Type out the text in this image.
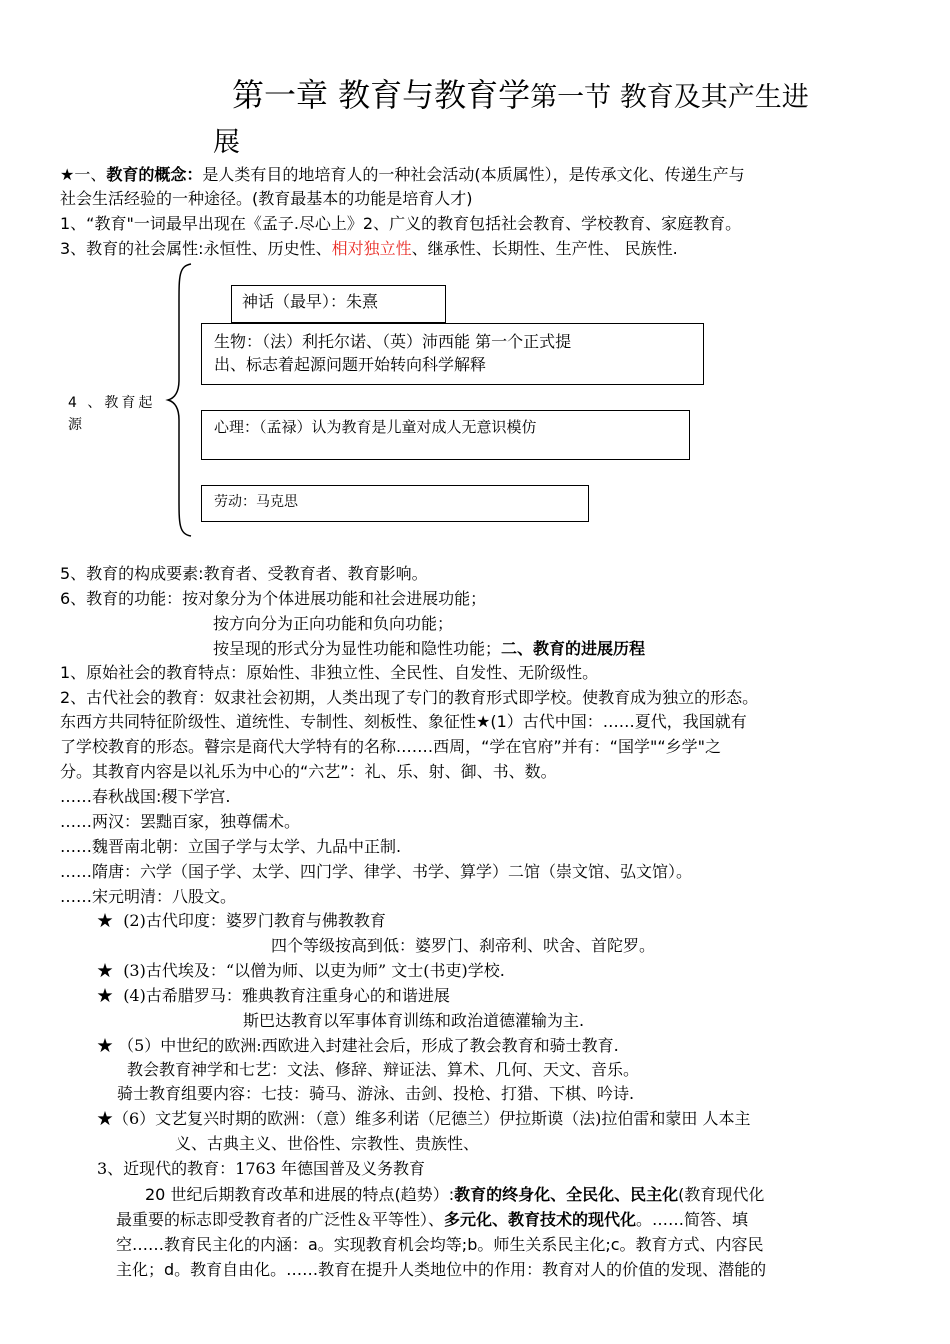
第一章 教育与教育学第一节 教育及其产生进
展
★一、教育的概念：是人类有目的地培育人的一种社会活动(本质属性），是传承文化、传递生产与
社会生活经验的一种途径。(教育最基本的功能是培育人才)
1、“教育"一词最早出现在《孟子.尽心上》2、广义的教育包括社会教育、学校教育、家庭教育。
3、教育的社会属性:永恒性、历史性、相对独立性、继承性、长期性、生产性、 民族性.
4 、教育起源
神话（最早）：朱熹
生物：（法）利托尔诺、（英）沛西能 第一个正式提
出、标志着起源问题开始转向科学解释
心理：（孟禄）认为教育是儿童对成人无意识模仿
劳动：马克思
5、教育的构成要素:教育者、受教育者、教育影响。
6、教育的功能：按对象分为个体进展功能和社会进展功能；
按方向分为正向功能和负向功能；
按呈现的形式分为显性功能和隐性功能；二、教育的进展历程
1、原始社会的教育特点：原始性、非独立性、全民性、自发性、无阶级性。
2、古代社会的教育：奴隶社会初期，人类出现了专门的教育形式即学校。使教育成为独立的形态。
东西方共同特征阶级性、道统性、专制性、刻板性、象征性★(1）古代中国：……夏代，我国就有
了学校教育的形态。瞽宗是商代大学特有的名称.……西周，“学在官府”并有：“国学"“乡学"之
分。其教育内容是以礼乐为中心的“六艺”：礼、乐、射、御、书、数。
……春秋战国:稷下学宫.
……两汉：罢黜百家，独尊儒术。
……魏晋南北朝：立国子学与太学、九品中正制.
……隋唐：六学（国子学、太学、四门学、律学、书学、算学）二馆（崇文馆、弘文馆）。
……宋元明清：八股文。
★ (2)古代印度：婆罗门教育与佛教教育
四个等级按高到低：婆罗门、刹帝利、吠舍、首陀罗。
★ (3)古代埃及：“以僧为师、以吏为师” 文士(书吏)学校.
★ (4)古希腊罗马：雅典教育注重身心的和谐进展
斯巴达教育以军事体育训练和政治道德灌输为主.
★ （5）中世纪的欧洲:西欧进入封建社会后，形成了教会教育和骑士教育.
教会教育神学和七艺：文法、修辞、辩证法、算术、几何、天文、音乐。
骑士教育组要内容：七技：骑马、游泳、击剑、投枪、打猎、下棋、吟诗.
★（6）文艺复兴时期的欧洲：（意）维多利诺（尼德兰）伊拉斯谟（法)拉伯雷和蒙田 人本主
义、古典主义、世俗性、宗教性、贵族性、
3、近现代的教育：1763 年德国普及义务教育
20 世纪后期教育改革和进展的特点(趋势）:教育的终身化、全民化、民主化(教育现代化
最重要的标志即受教育者的广泛性＆平等性）、多元化、教育技术的现代化。……简答、填
空……教育民主化的内涵：a。实现教育机会均等;b。师生关系民主化;c。教育方式、内容民
主化；d。教育自由化。……教育在提升人类地位中的作用：教育对人的价值的发现、潜能的
